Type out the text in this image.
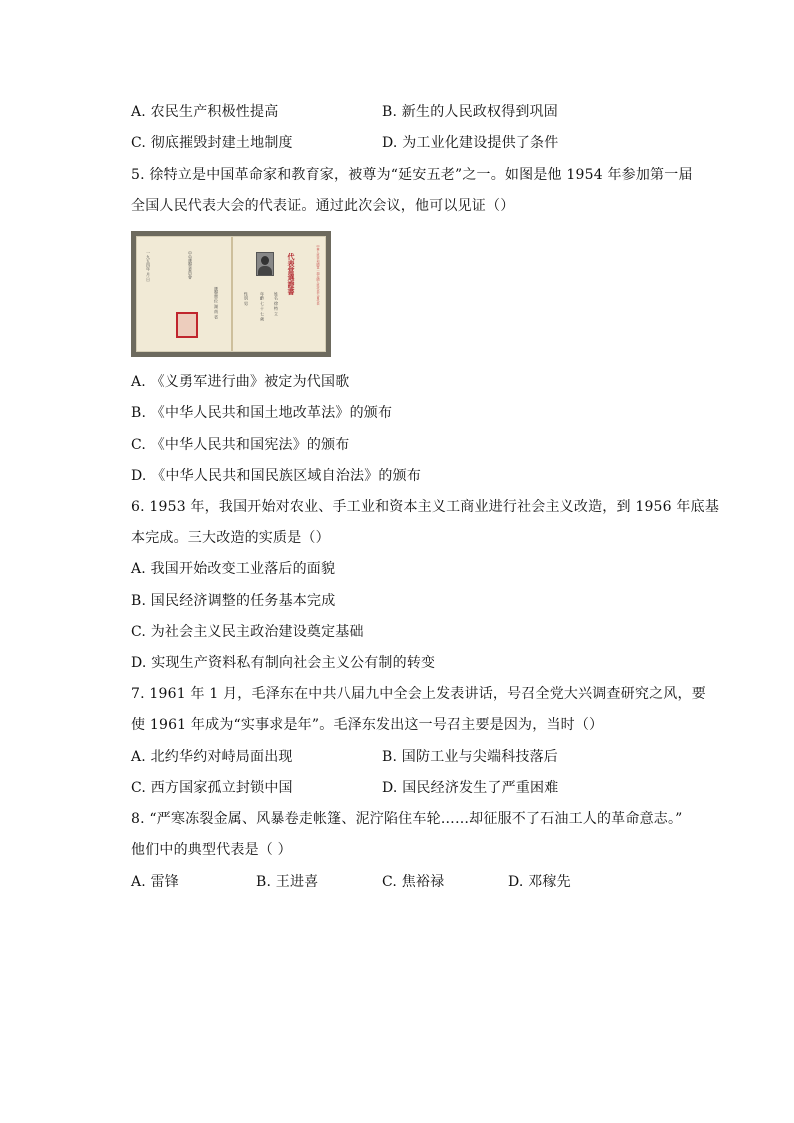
A. 农民生产积极性提高	B. 新生的人民政权得到巩固
C. 彻底摧毁封建土地制度	D. 为工业化建设提供了条件
5. 徐特立是中国革命家和教育家，被尊为“延安五老”之一。如图是他 1954 年参加第一届
全国人民代表大会的代表证。通过此次会议，他可以见证（）
一九五四年 月 日	中央選舉委員會
選舉單位 湖 南 省	性別 男	年齡 七 十 七 歲 姓名 徐 特 立
代表當選證書	中華人民共和國第一屆全國人民代表大會代表
A. 《义勇军进行曲》被定为代国歌
B. 《中华人民共和国土地改革法》的颁布
C. 《中华人民共和国宪法》的颁布
D. 《中华人民共和国民族区域自治法》的颁布
6. 1953 年，我国开始对农业、手工业和资本主义工商业进行社会主义改造，到 1956 年底基
本完成。三大改造的实质是（）
A. 我国开始改变工业落后的面貌
B. 国民经济调整的任务基本完成
C. 为社会主义民主政治建设奠定基础
D. 实现生产资料私有制向社会主义公有制的转变
7. 1961 年 1 月，毛泽东在中共八届九中全会上发表讲话，号召全党大兴调查研究之风，要
使 1961 年成为“实事求是年”。毛泽东发出这一号召主要是因为，当时（）
A. 北约华约对峙局面出现	B. 国防工业与尖端科技落后
C. 西方国家孤立封锁中国	D. 国民经济发生了严重困难
8. “严寒冻裂金属、风暴卷走帐篷、泥泞陷住车轮……却征服不了石油工人的革命意志。”
他们中的典型代表是（ ）
A. 雷锋	B. 王进喜	C. 焦裕禄	D. 邓稼先
